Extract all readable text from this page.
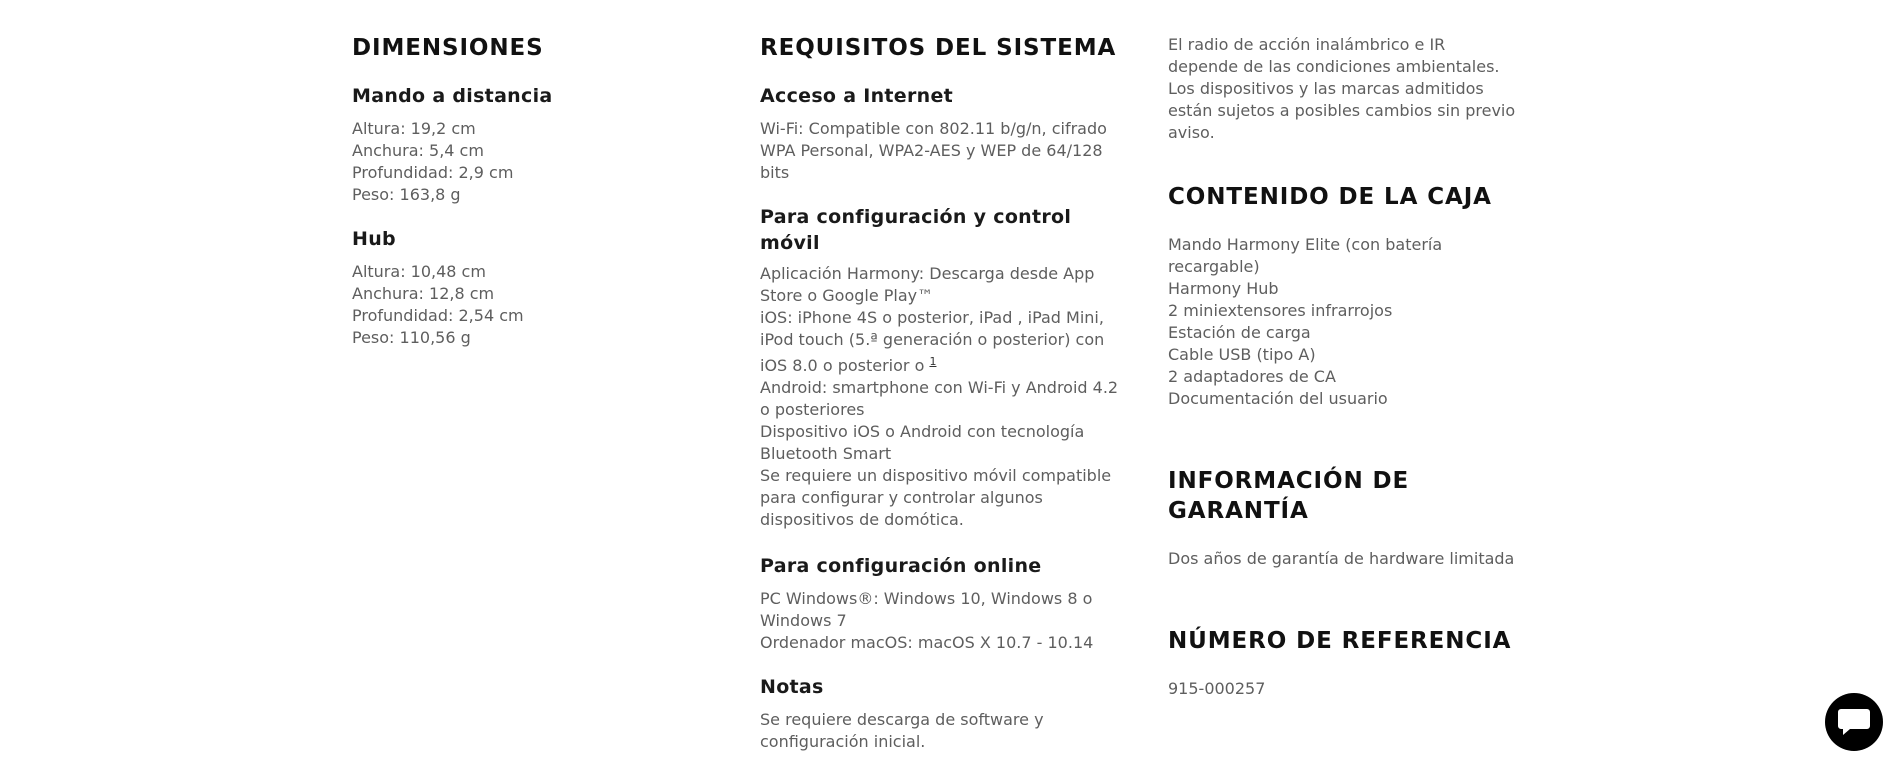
DIMENSIONES
Mando a distancia
Altura: 19,2 cm
Anchura: 5,4 cm
Profundidad: 2,9 cm
Peso: 163,8 g
Hub
Altura: 10,48 cm
Anchura: 12,8 cm
Profundidad: 2,54 cm
Peso: 110,56 g
REQUISITOS DEL SISTEMA
Acceso a Internet

Wi-Fi: Compatible con 802.11 b/g/n, cifrado WPA Personal, WPA2-AES y WEP de 64/128 bits

Para configuración y control móvil

Aplicación Harmony: Descarga desde App Store o Google Play™

iOS: iPhone 4S o posterior, iPad , iPad Mini, iPod touch (5.ª generación o posterior) con iOS 8.0 o posterior o $^1$

Android: smartphone con Wi-Fi y Android 4.2 o posteriores

Dispositivo iOS o Android con tecnología Bluetooth Smart

Se requiere un dispositivo móvil compatible para configurar y controlar algunos dispositivos de domótica.

Para configuración online

PC Windows®: Windows 10, Windows 8 o Windows 7

Ordenador macOS: macOS X 10.7 - 10.14

Notas

Se requiere descarga de software y configuración inicial.

El radio de acción inalámbrico e IR depende de las condiciones ambientales.

Los dispositivos y las marcas admitidos están sujetos a posibles cambios sin previo aviso.

CONTENIDO DE LA CAJA
Mando Harmony Elite (con batería recargable)
Harmony Hub
2 miniextensores infrarrojos
Estación de carga
Cable USB (tipo A)
2 adaptadores de CA
Documentación del usuario
INFORMACIÓN DE GARANTÍA

Dos años de garantía de hardware limitada

NÚMERO DE REFERENCIA

915-000257
